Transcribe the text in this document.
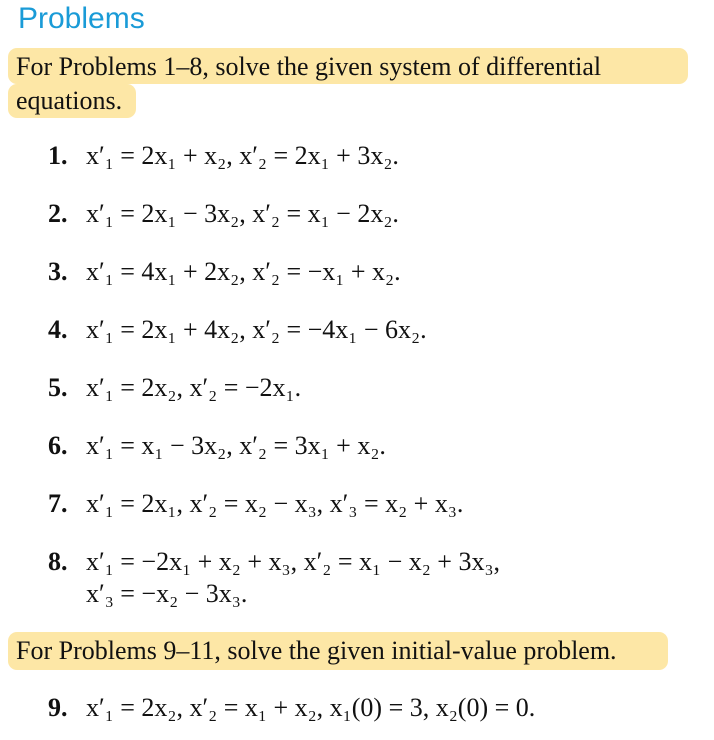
Problems
For Problems 1–8, solve the given system of differential
equations.
1. x′₁ = 2x₁ + x₂, x′₂ = 2x₁ + 3x₂.
2. x′₁ = 2x₁ − 3x₂, x′₂ = x₁ − 2x₂.
3. x′₁ = 4x₁ + 2x₂, x′₂ = −x₁ + x₂.
4. x′₁ = 2x₁ + 4x₂, x′₂ = −4x₁ − 6x₂.
5. x′₁ = 2x₂, x′₂ = −2x₁.
6. x′₁ = x₁ − 3x₂, x′₂ = 3x₁ + x₂.
7. x′₁ = 2x₁, x′₂ = x₂ − x₃, x′₃ = x₂ + x₃.
8. x′₁ = −2x₁ + x₂ + x₃, x′₂ = x₁ − x₂ + 3x₃,
x′₃ = −x₂ − 3x₃.
For Problems 9–11, solve the given initial-value problem.
9. x′₁ = 2x₂, x′₂ = x₁ + x₂, x₁(0) = 3, x₂(0) = 0.
